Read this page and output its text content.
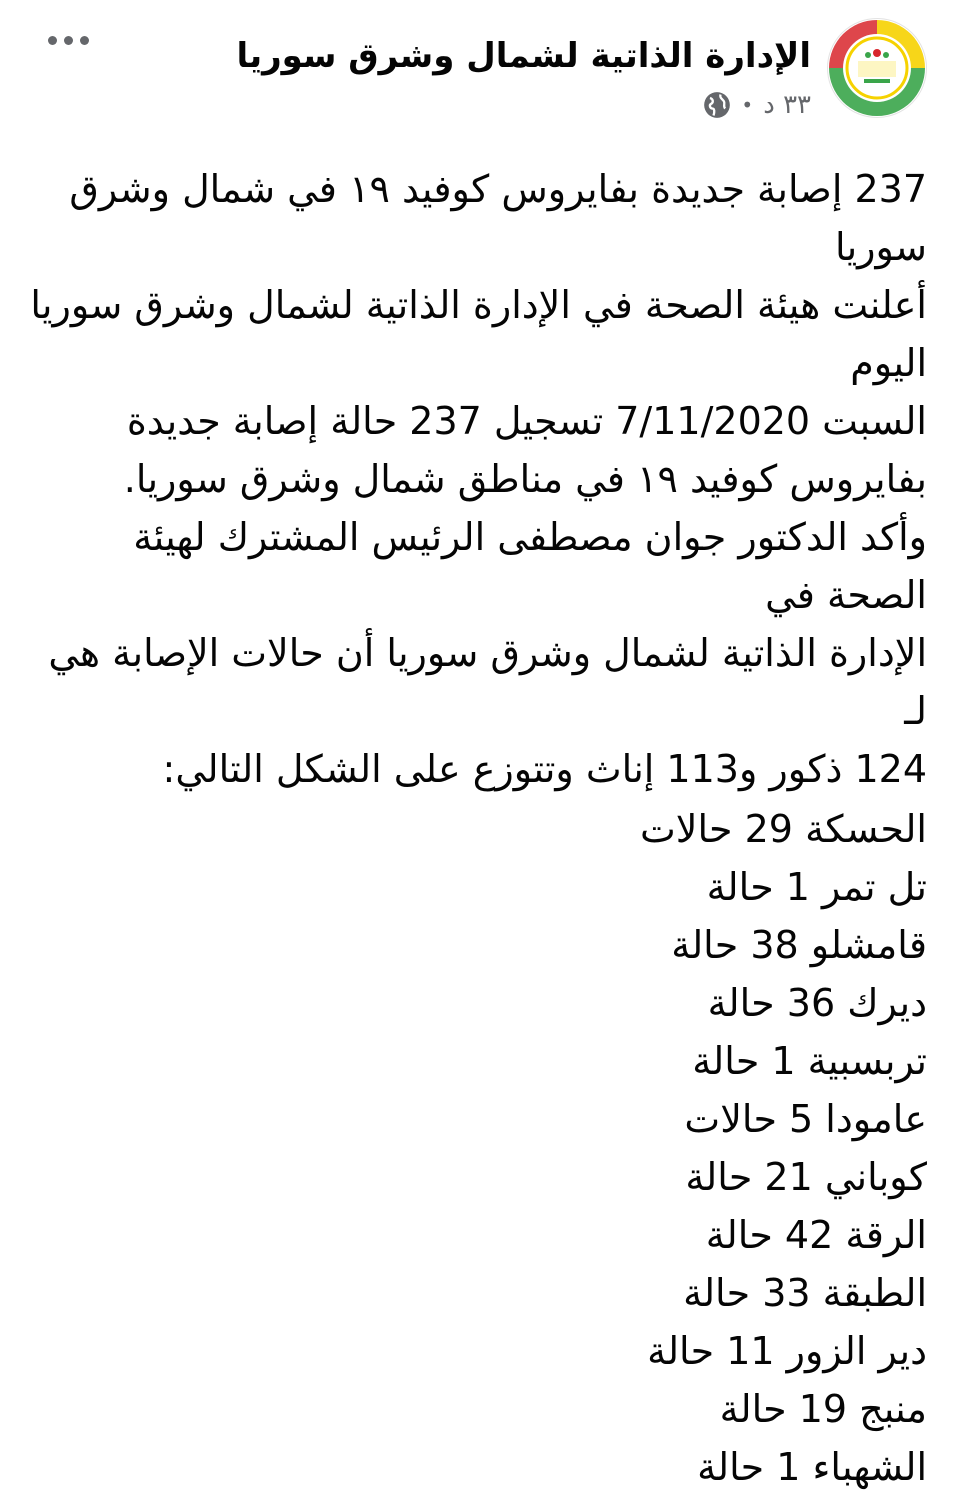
الإدارة الذاتية لشمال وشرق سوريا
٣٣ د
•

237 إصابة جديدة بفايروس كوفيد ١٩ في شمال وشرق سوريا

أعلنت هيئة الصحة في الإدارة الذاتية لشمال وشرق سوريا اليوم

السبت 7/11/2020 تسجيل 237 حالة إصابة جديدة

بفايروس كوفيد ١٩ في مناطق شمال وشرق سوريا.

وأكد الدكتور جوان مصطفى الرئيس المشترك لهيئة الصحة في

الإدارة الذاتية لشمال وشرق سوريا أن حالات الإصابة هي لـ

124 ذكور و113 إناث وتتوزع على الشكل التالي:

الحسكة 29 حالات
تل تمر 1 حالة
قامشلو 38 حالة
ديرك 36 حالة
تربسبية 1 حالة
عامودا 5 حالات
كوباني 21 حالة
الرقة 42 حالة
الطبقة 33 حالة
دير الزور 11 حالة
منبج 19 حالة
الشهباء 1 حالة
